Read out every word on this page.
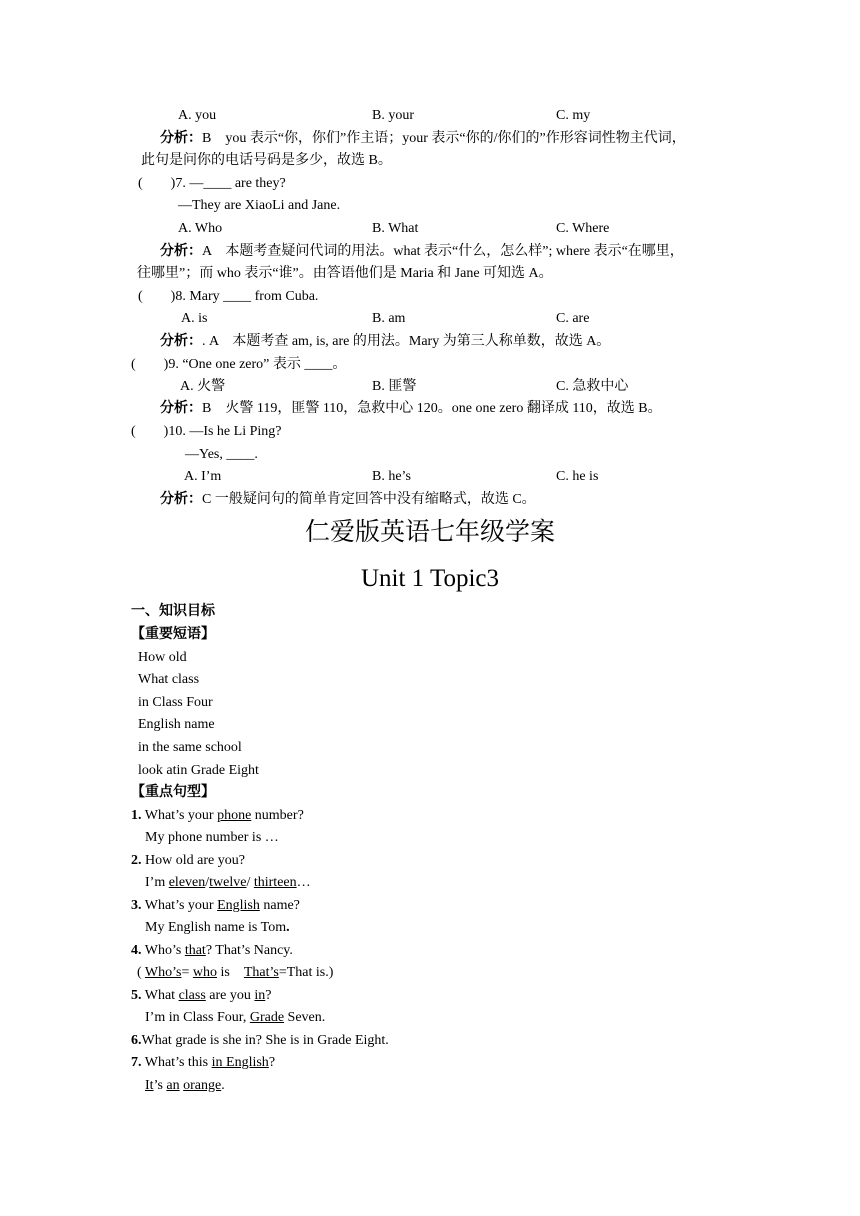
A. you	B. your	C. my
分析：B　you 表示“你，你们”作主语；your 表示“你的/你们的”作形容词性物主代词，
此句是问你的电话号码是多少，故选 B。
(　　)7. —____ are they?
—They are XiaoLi and Jane.
A. Who	B. What	C. Where
分析：A　本题考查疑问代词的用法。what 表示“什么，怎么样”; where 表示“在哪里，
往哪里”；而 who 表示“谁”。由答语他们是 Maria 和 Jane 可知选 A。
(　　)8. Mary ____ from Cuba.
A. is	B. am	C. are
分析：. A　本题考查 am, is, are 的用法。Mary 为第三人称单数，故选 A。
(　　)9. “One one zero” 表示 ____。
A. 火警	B. 匪警	C. 急救中心
分析：B　火警 119，匪警 110，急救中心 120。one one zero 翻译成 110，故选 B。
(　　)10. —Is he Li Ping?
—Yes, ____.
A. I’m	B. he’s	C. he is
分析：C 一般疑问句的简单肯定回答中没有缩略式，故选 C。
仁爱版英语七年级学案
Unit 1 Topic3
一、知识目标
【重要短语】
How old
What class
in Class Four
English name
in the same school
look atin Grade Eight
【重点句型】
1. What’s your phone number?
My phone number is …
2. How old are you?
I’m eleven/twelve/ thirteen…
3. What’s your English name?
My English name is Tom.
4. Who’s that? That’s Nancy.
( Who’s= who is　That’s=That is.)
5. What class are you in?
I’m in Class Four, Grade Seven.
6.What grade is she in? She is in Grade Eight.
7. What’s this in English?
It’s an orange.
